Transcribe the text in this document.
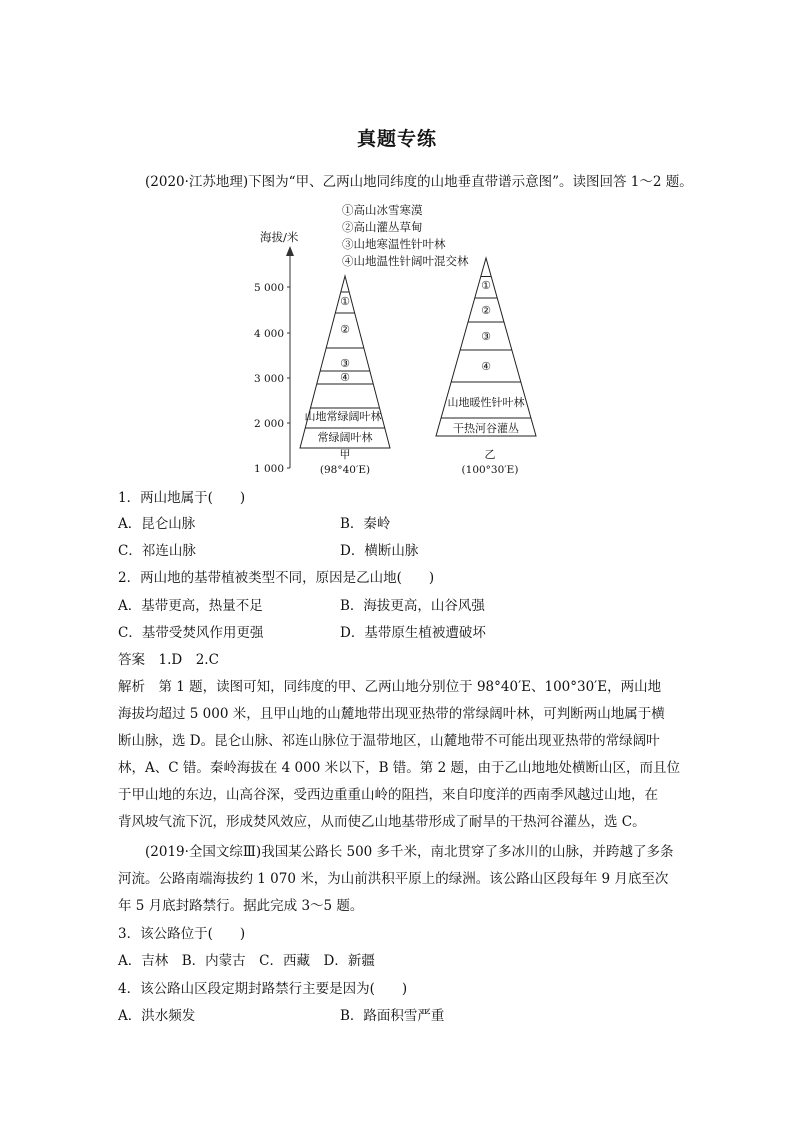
真题专练
(2020·江苏地理)下图为“甲、乙两山地同纬度的山地垂直带谱示意图”。读图回答 1～2 题。
①高山冰雪寒漠
②高山灌丛草甸
③山地寒温性针叶林
④山地温性针阔叶混交林
海拔/米
5 000
4 000
3 000
2 000
1 000
①
②
③
④
山地常绿阔叶林
常绿阔叶林
甲
(98°40′E)
①
②
③
④
山地暖性针叶林
干热河谷灌丛
乙
(100°30′E)
1．两山地属于(　　)
A．昆仑山脉	B．秦岭
C．祁连山脉	D．横断山脉
2．两山地的基带植被类型不同，原因是乙山地(　　)
A．基带更高，热量不足	B．海拔更高，山谷风强
C．基带受焚风作用更强	D．基带原生植被遭破坏
答案　1.D　2.C
解析　第 1 题，读图可知，同纬度的甲、乙两山地分别位于 98°40′E、100°30′E，两山地
海拔均超过 5 000 米，且甲山地的山麓地带出现亚热带的常绿阔叶林，可判断两山地属于横
断山脉，选 D。昆仑山脉、祁连山脉位于温带地区，山麓地带不可能出现亚热带的常绿阔叶
林，A、C 错。秦岭海拔在 4 000 米以下，B 错。第 2 题，由于乙山地地处横断山区，而且位
于甲山地的东边，山高谷深，受西边重重山岭的阻挡，来自印度洋的西南季风越过山地，在
背风坡气流下沉，形成焚风效应，从而使乙山地基带形成了耐旱的干热河谷灌丛，选 C。
(2019·全国文综Ⅲ)我国某公路长 500 多千米，南北贯穿了多冰川的山脉，并跨越了多条
河流。公路南端海拔约 1 070 米，为山前洪积平原上的绿洲。该公路山区段每年 9 月底至次
年 5 月底封路禁行。据此完成 3～5 题。
3．该公路位于(　　)
A．吉林　B．内蒙古　C．西藏　D．新疆
4．该公路山区段定期封路禁行主要是因为(　　)
A．洪水频发	B．路面积雪严重
